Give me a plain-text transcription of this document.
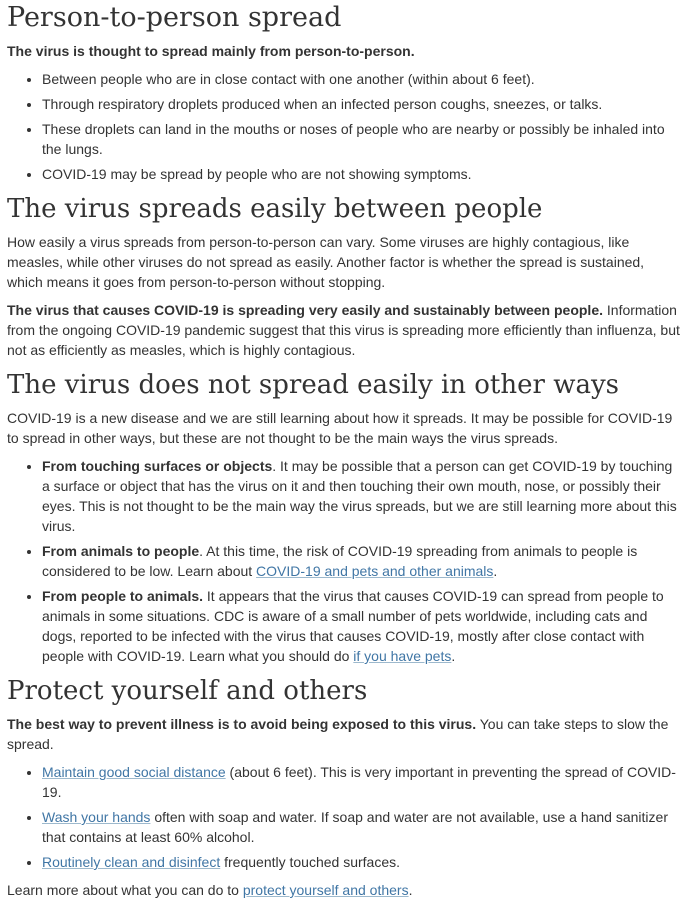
Person-to-person spread

The virus is thought to spread mainly from person-to-person.

• Between people who are in close contact with one another (within about 6 feet).
• Through respiratory droplets produced when an infected person coughs, sneezes, or talks.
• These droplets can land in the mouths or noses of people who are nearby or possibly be inhaled into the lungs.
• COVID-19 may be spread by people who are not showing symptoms.
The virus spreads easily between people

How easily a virus spreads from person-to-person can vary. Some viruses are highly contagious, like measles, while other viruses do not spread as easily. Another factor is whether the spread is sustained, which means it goes from person-to-person without stopping.

The virus that causes COVID-19 is spreading very easily and sustainably between people. Information from the ongoing COVID-19 pandemic suggest that this virus is spreading more efficiently than influenza, but not as efficiently as measles, which is highly contagious.

The virus does not spread easily in other ways

COVID-19 is a new disease and we are still learning about how it spreads. It may be possible for COVID-19 to spread in other ways, but these are not thought to be the main ways the virus spreads.

• From touching surfaces or objects. It may be possible that a person can get COVID-19 by touching a surface or object that has the virus on it and then touching their own mouth, nose, or possibly their eyes. This is not thought to be the main way the virus spreads, but we are still learning more about this virus.
• From animals to people. At this time, the risk of COVID-19 spreading from animals to people is considered to be low. Learn about COVID-19 and pets and other animals.
• From people to animals. It appears that the virus that causes COVID-19 can spread from people to animals in some situations. CDC is aware of a small number of pets worldwide, including cats and dogs, reported to be infected with the virus that causes COVID-19, mostly after close contact with people with COVID-19. Learn what you should do if you have pets.
Protect yourself and others

The best way to prevent illness is to avoid being exposed to this virus. You can take steps to slow the spread.

• Maintain good social distance (about 6 feet). This is very important in preventing the spread of COVID-19.
• Wash your hands often with soap and water. If soap and water are not available, use a hand sanitizer that contains at least 60% alcohol.
• Routinely clean and disinfect frequently touched surfaces.

Learn more about what you can do to protect yourself and others.
